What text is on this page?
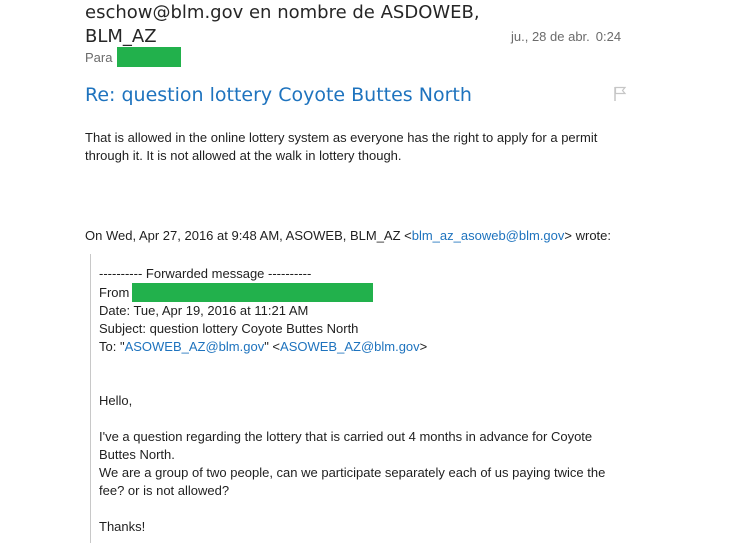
eschow@blm.gov en nombre de ASDOWEB, BLM_AZ	ju., 28 de abr. 0:24
Para
Re: question lottery Coyote Buttes North

That is allowed in the online lottery system as everyone has the right to apply for a permit through it. It is not allowed at the walk in lottery though.

On Wed, Apr 27, 2016 at 9:48 AM, ASOWEB, BLM_AZ <blm_az_asoweb@blm.gov> wrote:

---------- Forwarded message ----------

From

Date: Tue, Apr 19, 2016 at 11:21 AM

Subject: question lottery Coyote Buttes North

To: "ASOWEB_AZ@blm.gov" <ASOWEB_AZ@blm.gov>

Hello,

I've a question regarding the lottery that is carried out 4 months in advance for Coyote Buttes North.

We are a group of two people, can we participate separately each of us paying twice the fee? or is not allowed?

Thanks!
